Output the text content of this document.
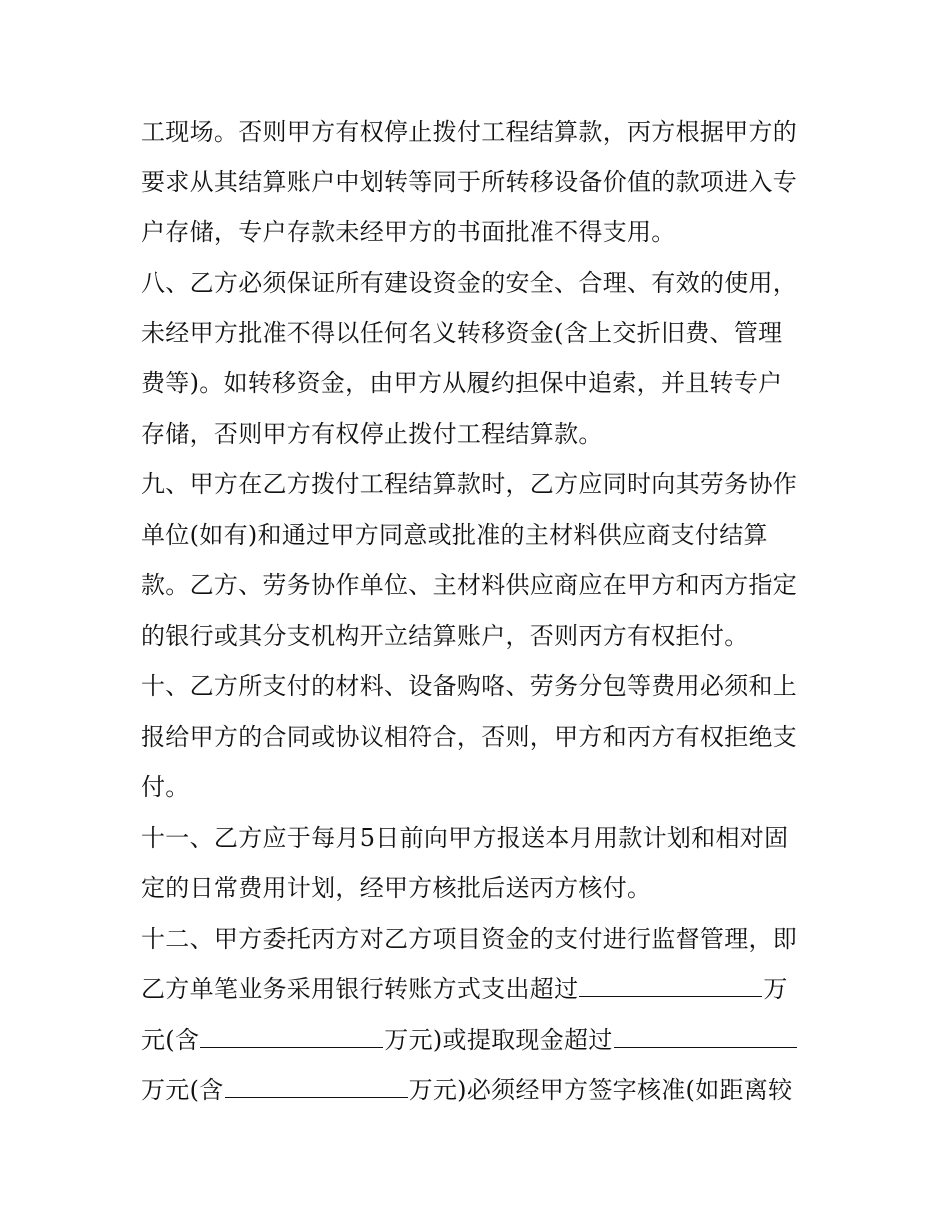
工现场。否则甲方有权停止拨付工程结算款，丙方根据甲方的
要求从其结算账户中划转等同于所转移设备价值的款项进入专
户存储，专户存款未经甲方的书面批准不得支用。
八、乙方必须保证所有建设资金的安全、合理、有效的使用，
未经甲方批准不得以任何名义转移资金(含上交折旧费、管理
费等)。如转移资金，由甲方从履约担保中追索，并且转专户
存储，否则甲方有权停止拨付工程结算款。
九、甲方在乙方拨付工程结算款时，乙方应同时向其劳务协作
单位(如有)和通过甲方同意或批准的主材料供应商支付结算
款。乙方、劳务协作单位、主材料供应商应在甲方和丙方指定
的银行或其分支机构开立结算账户，否则丙方有权拒付。
十、乙方所支付的材料、设备购咯、劳务分包等费用必须和上
报给甲方的合同或协议相符合，否则，甲方和丙方有权拒绝支
付。
十一、乙方应于每月5日前向甲方报送本月用款计划和相对固
定的日常费用计划，经甲方核批后送丙方核付。
十二、甲方委托丙方对乙方项目资金的支付进行监督管理，即
乙方单笔业务采用银行转账方式支出超过	万
元(含	万元)或提取现金超过
万元(含	万元)必须经甲方签字核准(如距离较
